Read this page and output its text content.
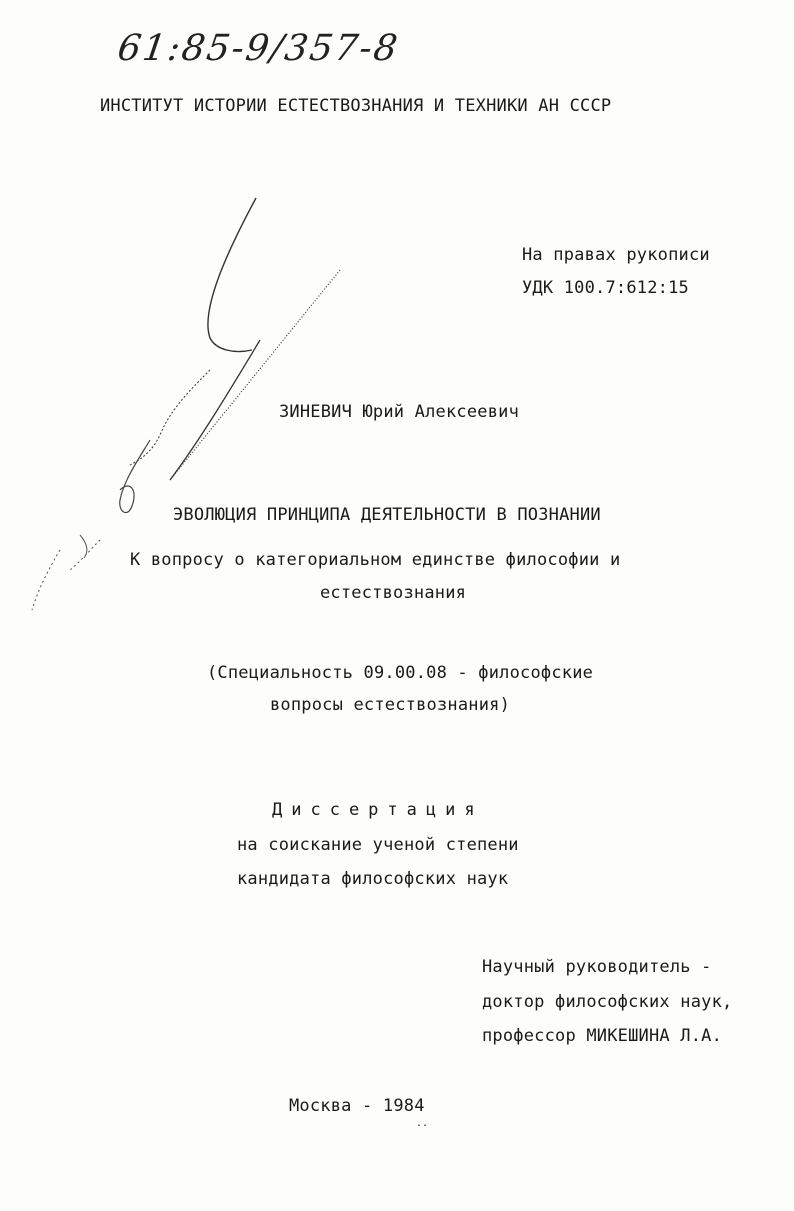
61:85-9/357-8
ИНСТИТУТ ИСТОРИИ ЕСТЕСТВОЗНАНИЯ И ТЕХНИКИ АН СССР
На правах рукописи
УДК 100.7:612:15
ЗИНЕВИЧ Юрий Алексеевич
ЭВОЛЮЦИЯ ПРИНЦИПА ДЕЯТЕЛЬНОСТИ В ПОЗНАНИИ
К вопросу о категориальном единстве философии и
естествознания
(Специальность 09.00.08 - философские
вопросы естествознания)
Диссертация
на соискание ученой степени
кандидата философских наук
Научный руководитель -
доктор философских наук,
профессор МИКЕШИНА Л.А.
Москва - 1984
..
